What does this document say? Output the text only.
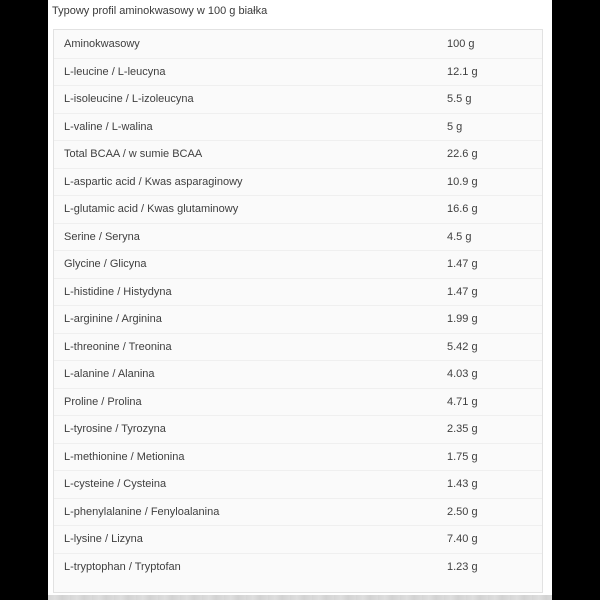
Typowy profil aminokwasowy w 100 g białka
Aminokwasowy	100 g
L-leucine / L-leucyna	12.1 g
L-isoleucine / L-izoleucyna	5.5 g
L-valine / L-walina	5 g
Total BCAA / w sumie BCAA	22.6 g
L-aspartic acid / Kwas asparaginowy	10.9 g
L-glutamic acid / Kwas glutaminowy	16.6 g
Serine / Seryna	4.5 g
Glycine / Glicyna	1.47 g
L-histidine / Histydyna	1.47 g
L-arginine / Arginina	1.99 g
L-threonine / Treonina	5.42 g
L-alanine / Alanina	4.03 g
Proline / Prolina	4.71 g
L-tyrosine / Tyrozyna	2.35 g
L-methionine / Metionina	1.75 g
L-cysteine / Cysteina	1.43 g
L-phenylalanine / Fenyloalanina	2.50 g
L-lysine / Lizyna	7.40 g
L-tryptophan / Tryptofan	1.23 g
